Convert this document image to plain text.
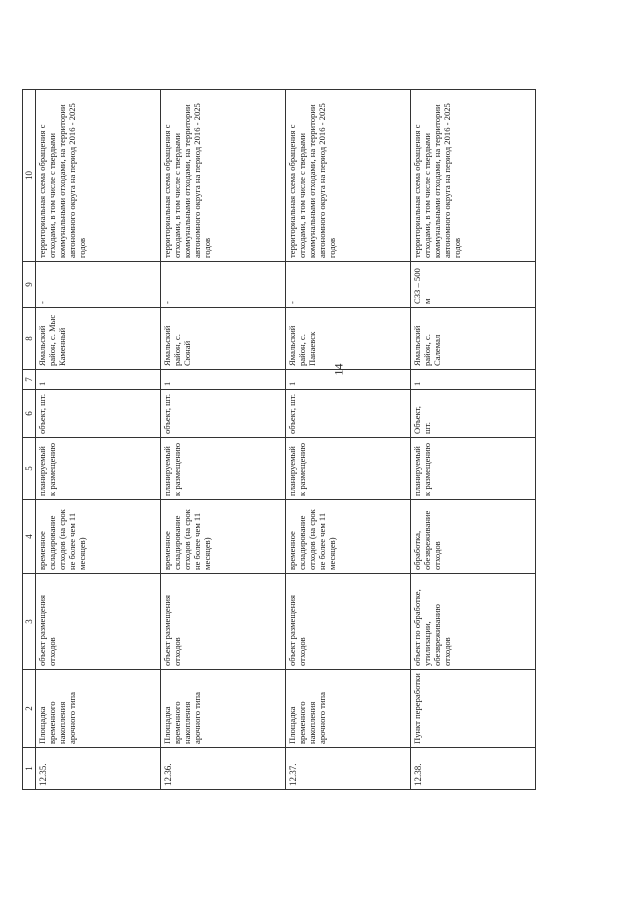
14
1	2	3	4	5	6	7	8	9	10
12.35.	Площадка временного накопления арочного типа	объект размещения отходов	временное складирование отходов (на срок не более чем 11 месяцев)	планируемый к размещению	объект, шт.	1	Ямальский район, с. Мыс Каменный	-	территориальная схема обращения с отходами, в том числе с твердыми коммунальными отходами, на территории автономного округа на период 2016 - 2025 годов
12.36.	Площадка временного накопления арочного типа	объект размещения отходов	временное складирование отходов (на срок не более чем 11 месяцев)	планируемый к размещению	объект, шт.	1	Ямальский район, с. Сюнай	-	территориальная схема обращения с отходами, в том числе с твердыми коммунальными отходами, на территории автономного округа на период 2016 - 2025 годов
12.37.	Площадка временного накопления арочного типа	объект размещения отходов	временное складирование отходов (на срок не более чем 11 месяцев)	планируемый к размещению	объект, шт.	1	Ямальский район, с. Панаевск	-	территориальная схема обращения с отходами, в том числе с твердыми коммунальными отходами, на территории автономного округа на период 2016 - 2025 годов
12.38.	Пункт переработки	объект по обработке, утилизации, обезвреживанию отходов	обработка, обезвреживание отходов	планируемый к размещению	Объект, шт.	1	Ямальский район, с. Салемал	СЗЗ – 500 м	территориальная схема обращения с отходами, в том числе с твердыми коммунальными отходами, на территории автономного округа на период 2016 - 2025 годов
